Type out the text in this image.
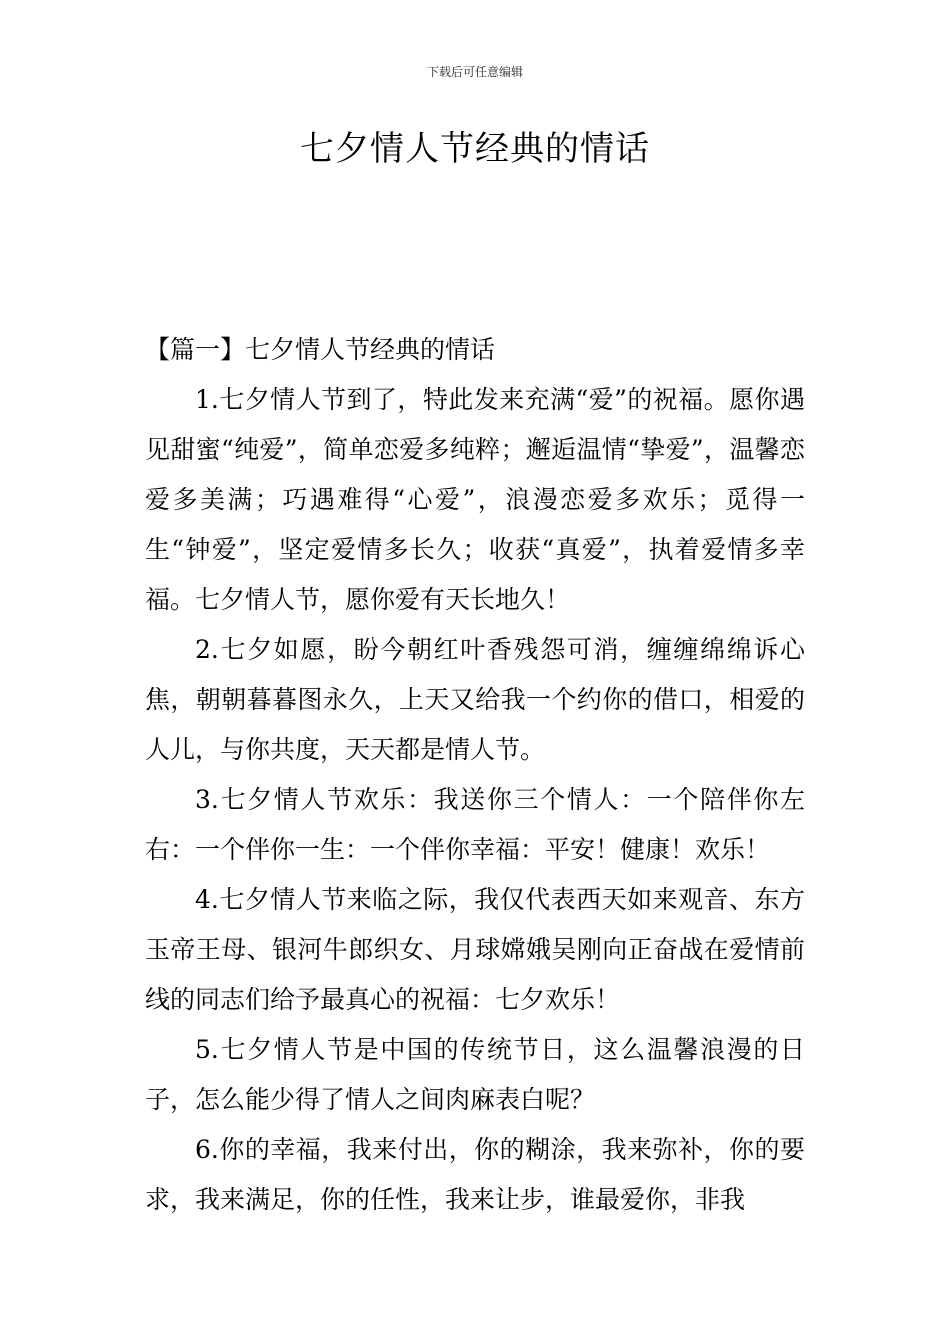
下载后可任意编辑
七夕情人节经典的情话
【篇一】七夕情人节经典的情话

1.七夕情人节到了，特此发来充满“爱”的祝福。愿你遇见甜蜜“纯爱”，简单恋爱多纯粹；邂逅温情“挚爱”，温馨恋爱多美满；巧遇难得“心爱”，浪漫恋爱多欢乐；觅得一生“钟爱”，坚定爱情多长久；收获“真爱”，执着爱情多幸福。七夕情人节，愿你爱有天长地久！

2.七夕如愿，盼今朝红叶香残怨可消，缠缠绵绵诉心焦，朝朝暮暮图永久，上天又给我一个约你的借口，相爱的人儿，与你共度，天天都是情人节。

3.七夕情人节欢乐：我送你三个情人：一个陪伴你左右：一个伴你一生：一个伴你幸福：平安！健康！欢乐！

4.七夕情人节来临之际，我仅代表西天如来观音、东方玉帝王母、银河牛郎织女、月球嫦娥吴刚向正奋战在爱情前线的同志们给予最真心的祝福：七夕欢乐！

5.七夕情人节是中国的传统节日，这么温馨浪漫的日子，怎么能少得了情人之间肉麻表白呢？

6.你的幸福，我来付出，你的糊涂，我来弥补，你的要求，我来满足，你的任性，我来让步，谁最爱你，非我
